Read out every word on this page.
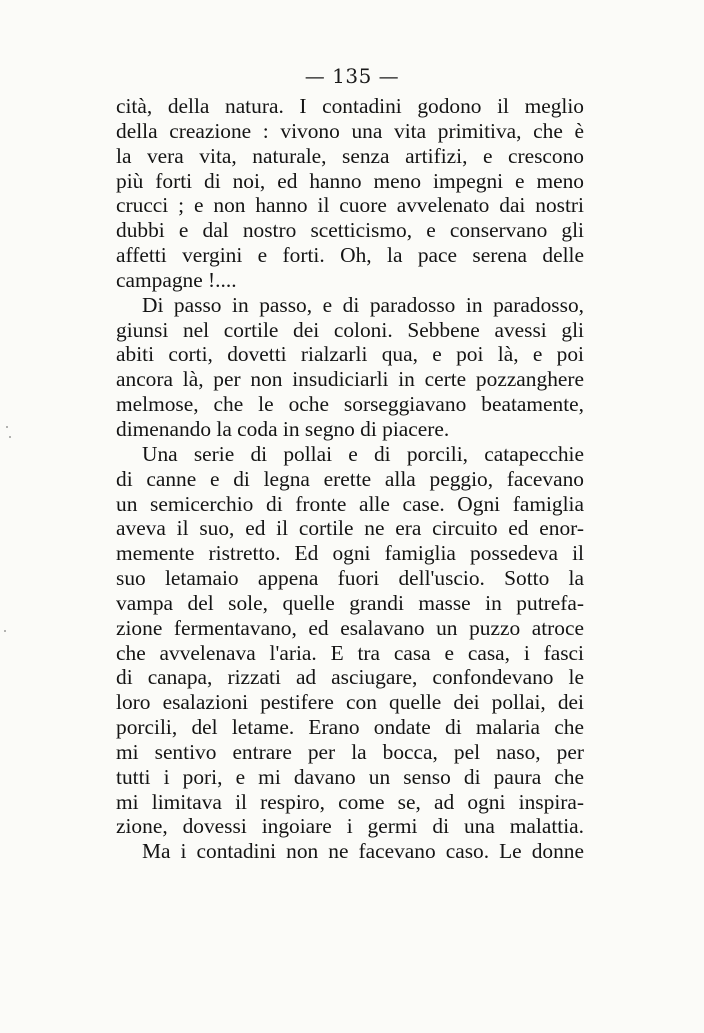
— 135 —
cità, della natura. I contadini godono il meglio
della creazione : vivono una vita primitiva, che è
la vera vita, naturale, senza artifizi, e crescono
più forti di noi, ed hanno meno impegni e meno
crucci ; e non hanno il cuore avvelenato dai nostri
dubbi e dal nostro scetticismo, e conservano gli
affetti vergini e forti. Oh, la pace serena delle
campagne !....
Di passo in passo, e di paradosso in paradosso,
giunsi nel cortile dei coloni. Sebbene avessi gli
abiti corti, dovetti rialzarli qua, e poi là, e poi
ancora là, per non insudiciarli in certe pozzanghere
melmose, che le oche sorseggiavano beatamente,
dimenando la coda in segno di piacere.
Una serie di pollai e di porcili, catapecchie
di canne e di legna erette alla peggio, facevano
un semicerchio di fronte alle case. Ogni famiglia
aveva il suo, ed il cortile ne era circuito ed enor-
memente ristretto. Ed ogni famiglia possedeva il
suo letamaio appena fuori dell'uscio. Sotto la
vampa del sole, quelle grandi masse in putrefa-
zione fermentavano, ed esalavano un puzzo atroce
che avvelenava l'aria. E tra casa e casa, i fasci
di canapa, rizzati ad asciugare, confondevano le
loro esalazioni pestifere con quelle dei pollai, dei
porcili, del letame. Erano ondate di malaria che
mi sentivo entrare per la bocca, pel naso, per
tutti i pori, e mi davano un senso di paura che
mi limitava il respiro, come se, ad ogni inspira-
zione, dovessi ingoiare i germi di una malattia.
Ma i contadini non ne facevano caso. Le donne
